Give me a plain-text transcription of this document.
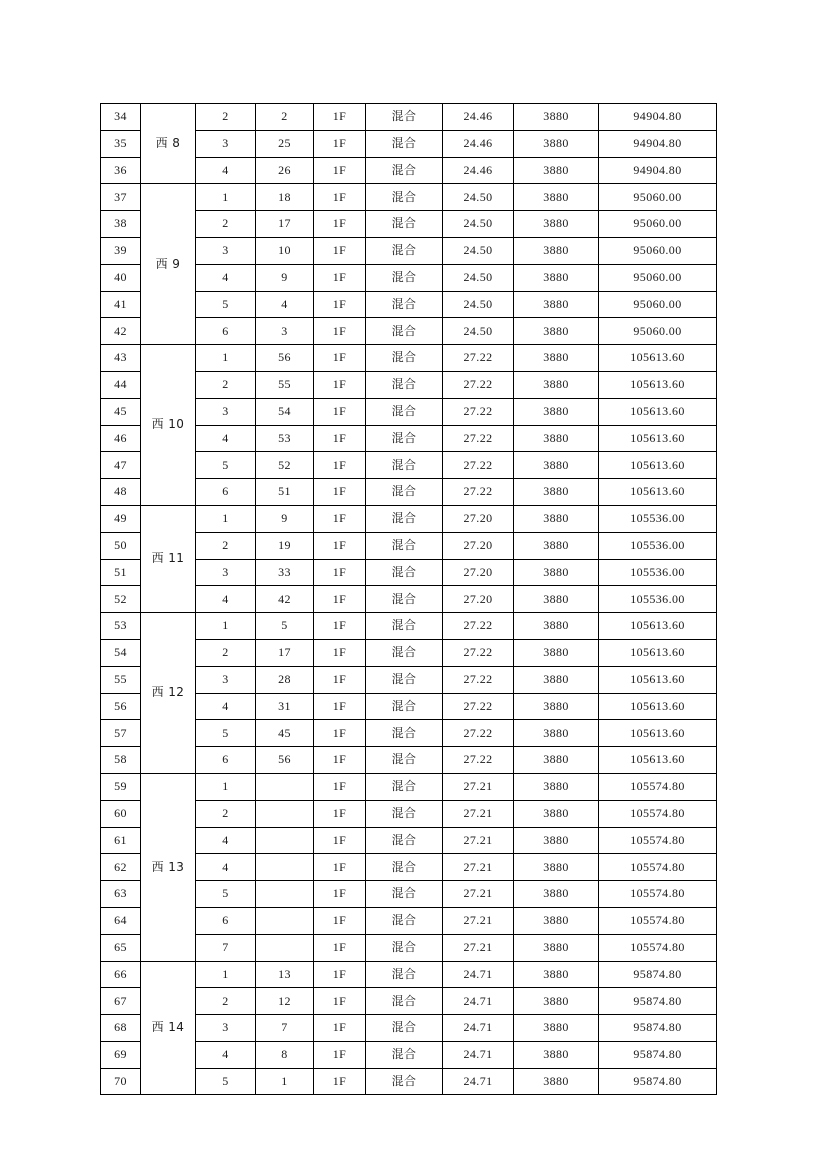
34	西 8	2	2	1F	混合	24.46	3880	94904.80
35		3	25	1F	混合	24.46	3880	94904.80
36		4	26	1F	混合	24.46	3880	94904.80
37	西 9	1	18	1F	混合	24.50	3880	95060.00
38		2	17	1F	混合	24.50	3880	95060.00
39		3	10	1F	混合	24.50	3880	95060.00
40		4	9	1F	混合	24.50	3880	95060.00
41		5	4	1F	混合	24.50	3880	95060.00
42		6	3	1F	混合	24.50	3880	95060.00
43	西 10	1	56	1F	混合	27.22	3880	105613.60
44		2	55	1F	混合	27.22	3880	105613.60
45		3	54	1F	混合	27.22	3880	105613.60
46		4	53	1F	混合	27.22	3880	105613.60
47		5	52	1F	混合	27.22	3880	105613.60
48		6	51	1F	混合	27.22	3880	105613.60
49	西 11	1	9	1F	混合	27.20	3880	105536.00
50		2	19	1F	混合	27.20	3880	105536.00
51		3	33	1F	混合	27.20	3880	105536.00
52		4	42	1F	混合	27.20	3880	105536.00
53	西 12	1	5	1F	混合	27.22	3880	105613.60
54		2	17	1F	混合	27.22	3880	105613.60
55		3	28	1F	混合	27.22	3880	105613.60
56		4	31	1F	混合	27.22	3880	105613.60
57		5	45	1F	混合	27.22	3880	105613.60
58		6	56	1F	混合	27.22	3880	105613.60
59	西 13	1		1F	混合	27.21	3880	105574.80
60		2		1F	混合	27.21	3880	105574.80
61		4		1F	混合	27.21	3880	105574.80
62		4		1F	混合	27.21	3880	105574.80
63		5		1F	混合	27.21	3880	105574.80
64		6		1F	混合	27.21	3880	105574.80
65		7		1F	混合	27.21	3880	105574.80
66	西 14	1	13	1F	混合	24.71	3880	95874.80
67		2	12	1F	混合	24.71	3880	95874.80
68		3	7	1F	混合	24.71	3880	95874.80
69		4	8	1F	混合	24.71	3880	95874.80
70		5	1	1F	混合	24.71	3880	95874.80
